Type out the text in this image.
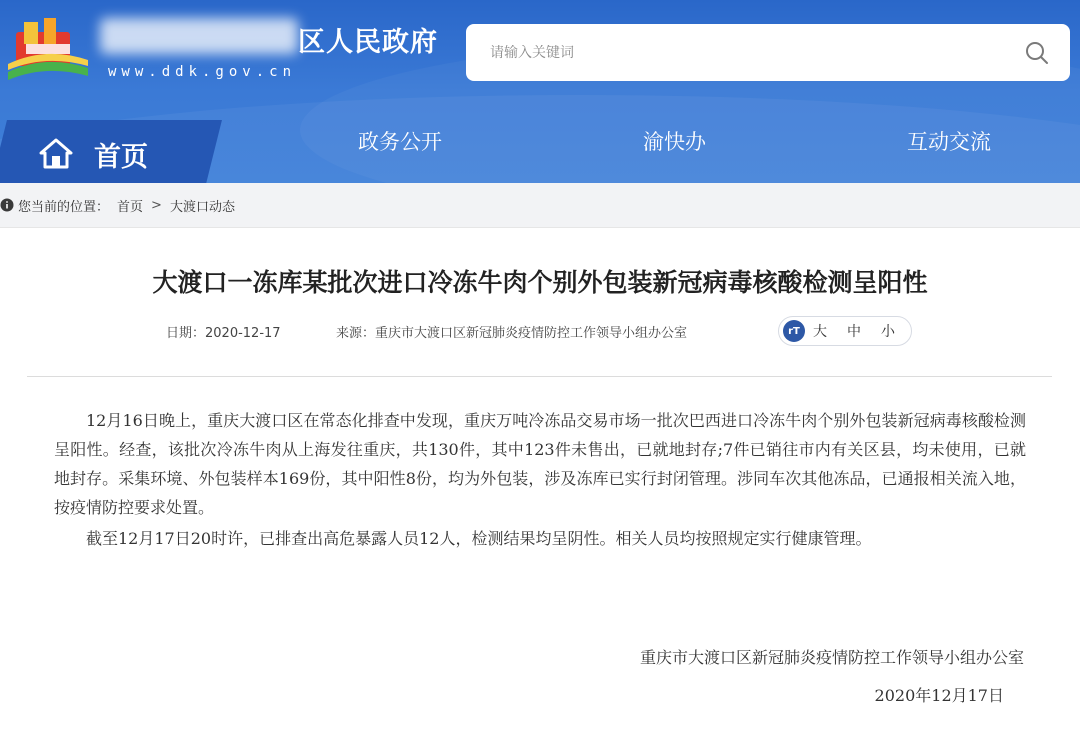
区人民政府
www.ddk.gov.cn
请输入关键词
首页	政务公开	渝快办	互动交流
您当前的位置： 首页 > 大渡口动态
大渡口一冻库某批次进口冷冻牛肉个别外包装新冠病毒核酸检测呈阳性
日期：2020-12-17	来源：重庆市大渡口区新冠肺炎疫情防控工作领导小组办公室	rT 大 中 小

12月16日晚上，重庆大渡口区在常态化排查中发现，重庆万吨冷冻品交易市场一批次巴西进口冷冻牛肉个别外包装新冠病毒核酸检测呈阳性。经查，该批次冷冻牛肉从上海发往重庆，共130件，其中123件未售出，已就地封存;7件已销往市内有关区县，均未使用，已就地封存。采集环境、外包装样本169份，其中阳性8份，均为外包装，涉及冻库已实行封闭管理。涉同车次其他冻品，已通报相关流入地，按疫情防控要求处置。

截至12月17日20时许，已排查出高危暴露人员12人，检测结果均呈阴性。相关人员均按照规定实行健康管理。

重庆市大渡口区新冠肺炎疫情防控工作领导小组办公室
2020年12月17日
